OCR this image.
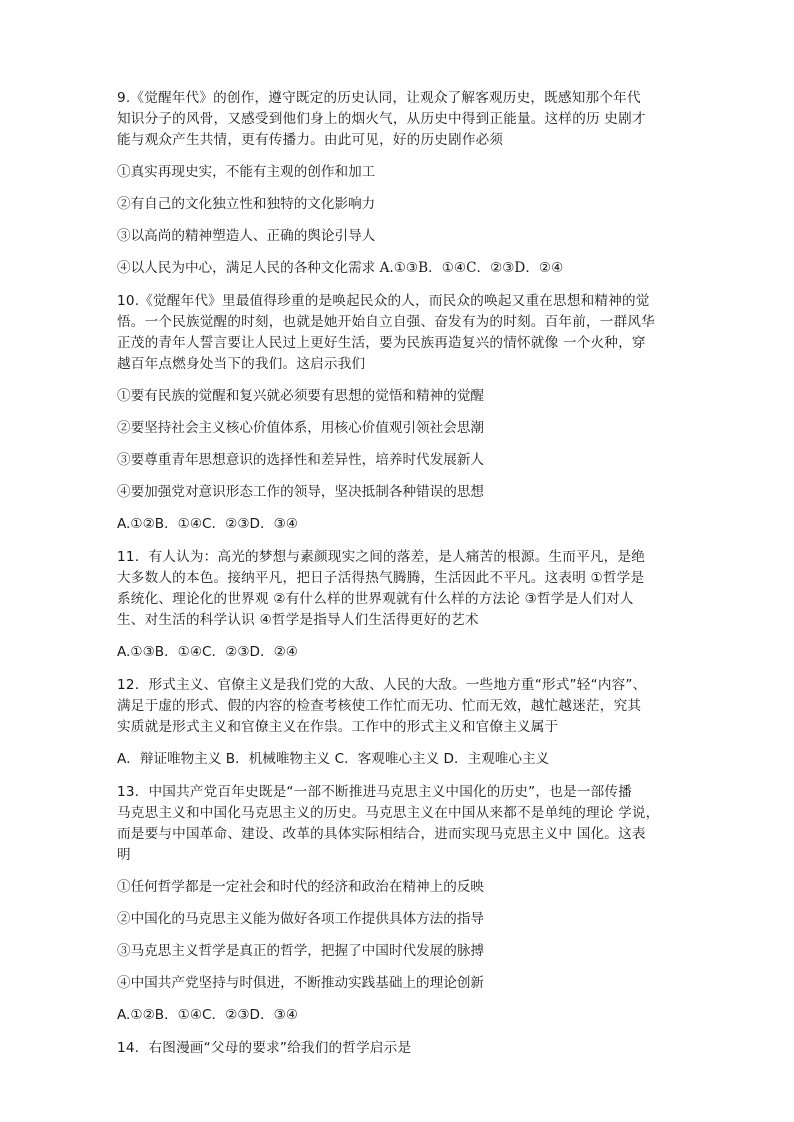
9.《觉醒年代》的创作，遵守既定的历史认同，让观众了解客观历史，既感知那个年代
知识分子的风骨，又感受到他们身上的烟火气，从历史中得到正能量。这样的历 史剧才
能与观众产生共情，更有传播力。由此可见，好的历史剧作必须

①真实再现史实，不能有主观的创作和加工

②有自己的文化独立性和独特的文化影响力

③以高尚的精神塑造人、正确的舆论引导人

④以人民为中心，满足人民的各种文化需求 A.①③B．①④C．②③D．②④

10.《觉醒年代》里最值得珍重的是唤起民众的人，而民众的唤起又重在思想和精神的觉
悟。一个民族觉醒的时刻，也就是她开始自立自强、奋发有为的时刻。百年前，一群风华
正茂的青年人誓言要让人民过上更好生活，要为民族再造复兴的情怀就像 一个火种，穿
越百年点燃身处当下的我们。这启示我们

①要有民族的觉醒和复兴就必须要有思想的觉悟和精神的觉醒

②要坚持社会主义核心价值体系，用核心价值观引领社会思潮

③要尊重青年思想意识的选择性和差异性，培养时代发展新人

④要加强党对意识形态工作的领导，坚决抵制各种错误的思想

A.①②B．①④C．②③D．③④

11．有人认为：高光的梦想与素颜现实之间的落差，是人痛苦的根源。生而平凡，是绝
大多数人的本色。接纳平凡，把日子活得热气腾腾，生活因此不平凡。这表明 ①哲学是
系统化、理论化的世界观 ②有什么样的世界观就有什么样的方法论 ③哲学是人们对人
生、对生活的科学认识 ④哲学是指导人们生活得更好的艺术

A.①③B．①④C．②③D．②④

12．形式主义、官僚主义是我们党的大敌、人民的大敌。一些地方重“形式”轻“内容”、
满足于虚的形式、假的内容的检查考核使工作忙而无功、忙而无效，越忙越迷茫，究其
实质就是形式主义和官僚主义在作祟。工作中的形式主义和官僚主义属于

A．辩证唯物主义 B．机械唯物主义 C．客观唯心主义 D．主观唯心主义

13．中国共产党百年史既是“一部不断推进马克思主义中国化的历史”，也是一部传播
马克思主义和中国化马克思主义的历史。马克思主义在中国从来都不是单纯的理论 学说，
而是要与中国革命、建设、改革的具体实际相结合，进而实现马克思主义中 国化。这表
明

①任何哲学都是一定社会和时代的经济和政治在精神上的反映

②中国化的马克思主义能为做好各项工作提供具体方法的指导

③马克思主义哲学是真正的哲学，把握了中国时代发展的脉搏

④中国共产党坚持与时俱进，不断推动实践基础上的理论创新

A.①②B．①④C．②③D．③④

14．右图漫画“父母的要求”给我们的哲学启示是
